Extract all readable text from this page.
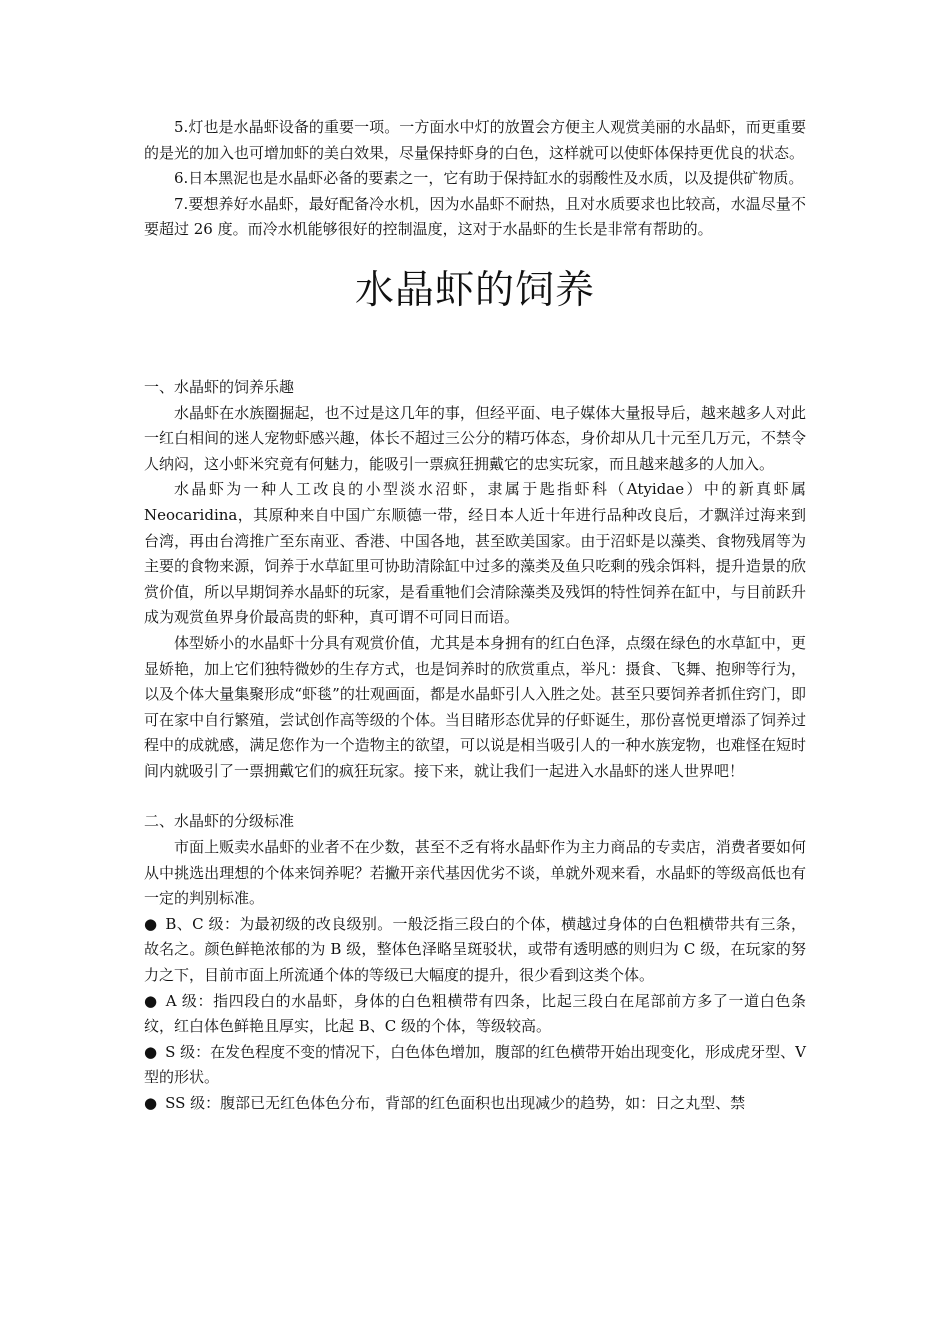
5.灯也是水晶虾设备的重要一项。一方面水中灯的放置会方便主人观赏美丽的水晶虾，而更重要的是光的加入也可增加虾的美白效果，尽量保持虾身的白色，这样就可以使虾体保持更优良的状态。

6.日本黑泥也是水晶虾必备的要素之一，它有助于保持缸水的弱酸性及水质，以及提供矿物质。

7.要想养好水晶虾，最好配备冷水机，因为水晶虾不耐热，且对水质要求也比较高，水温尽量不要超过 26 度。而冷水机能够很好的控制温度，这对于水晶虾的生长是非常有帮助的。

水晶虾的饲养

一、水晶虾的饲养乐趣

水晶虾在水族圈掘起，也不过是这几年的事，但经平面、电子媒体大量报导后，越来越多人对此一红白相间的迷人宠物虾感兴趣，体长不超过三公分的精巧体态，身价却从几十元至几万元，不禁令人纳闷，这小虾米究竟有何魅力，能吸引一票疯狂拥戴它的忠实玩家，而且越来越多的人加入。

水晶虾为一种人工改良的小型淡水沼虾，隶属于匙指虾科（Atyidae）中的新真虾属 Neocaridina，其原种来自中国广东顺德一带，经日本人近十年进行品种改良后，才飘洋过海来到台湾，再由台湾推广至东南亚、香港、中国各地，甚至欧美国家。由于沼虾是以藻类、食物残屑等为主要的食物来源，饲养于水草缸里可协助清除缸中过多的藻类及鱼只吃剩的残余饵料，提升造景的欣赏价值，所以早期饲养水晶虾的玩家，是看重牠们会清除藻类及残饵的特性饲养在缸中，与目前跃升成为观赏鱼界身价最高贵的虾种，真可谓不可同日而语。

体型娇小的水晶虾十分具有观赏价值，尤其是本身拥有的红白色泽，点缀在绿色的水草缸中，更显娇艳，加上它们独特微妙的生存方式，也是饲养时的欣赏重点，举凡：摄食、飞舞、抱卵等行为，以及个体大量集聚形成“虾毯”的壮观画面，都是水晶虾引人入胜之处。甚至只要饲养者抓住窍门，即可在家中自行繁殖，尝试创作高等级的个体。当目睹形态优异的仔虾诞生，那份喜悦更增添了饲养过程中的成就感，满足您作为一个造物主的欲望，可以说是相当吸引人的一种水族宠物，也难怪在短时间内就吸引了一票拥戴它们的疯狂玩家。接下来，就让我们一起进入水晶虾的迷人世界吧！

二、水晶虾的分级标准

市面上贩卖水晶虾的业者不在少数，甚至不乏有将水晶虾作为主力商品的专卖店，消费者要如何从中挑选出理想的个体来饲养呢？若撇开亲代基因优劣不谈，单就外观来看，水晶虾的等级高低也有一定的判别标准。

● B、C 级：为最初级的改良级别。一般泛指三段白的个体，横越过身体的白色粗横带共有三条，故名之。颜色鲜艳浓郁的为 B 级，整体色泽略呈斑驳状，或带有透明感的则归为 C 级，在玩家的努力之下，目前市面上所流通个体的等级已大幅度的提升，很少看到这类个体。

● A 级：指四段白的水晶虾，身体的白色粗横带有四条，比起三段白在尾部前方多了一道白色条纹，红白体色鲜艳且厚实，比起 B、C 级的个体，等级较高。

● S 级：在发色程度不变的情况下，白色体色增加，腹部的红色横带开始出现变化，形成虎牙型、V 型的形状。

● SS 级：腹部已无红色体色分布，背部的红色面积也出现减少的趋势，如：日之丸型、禁
